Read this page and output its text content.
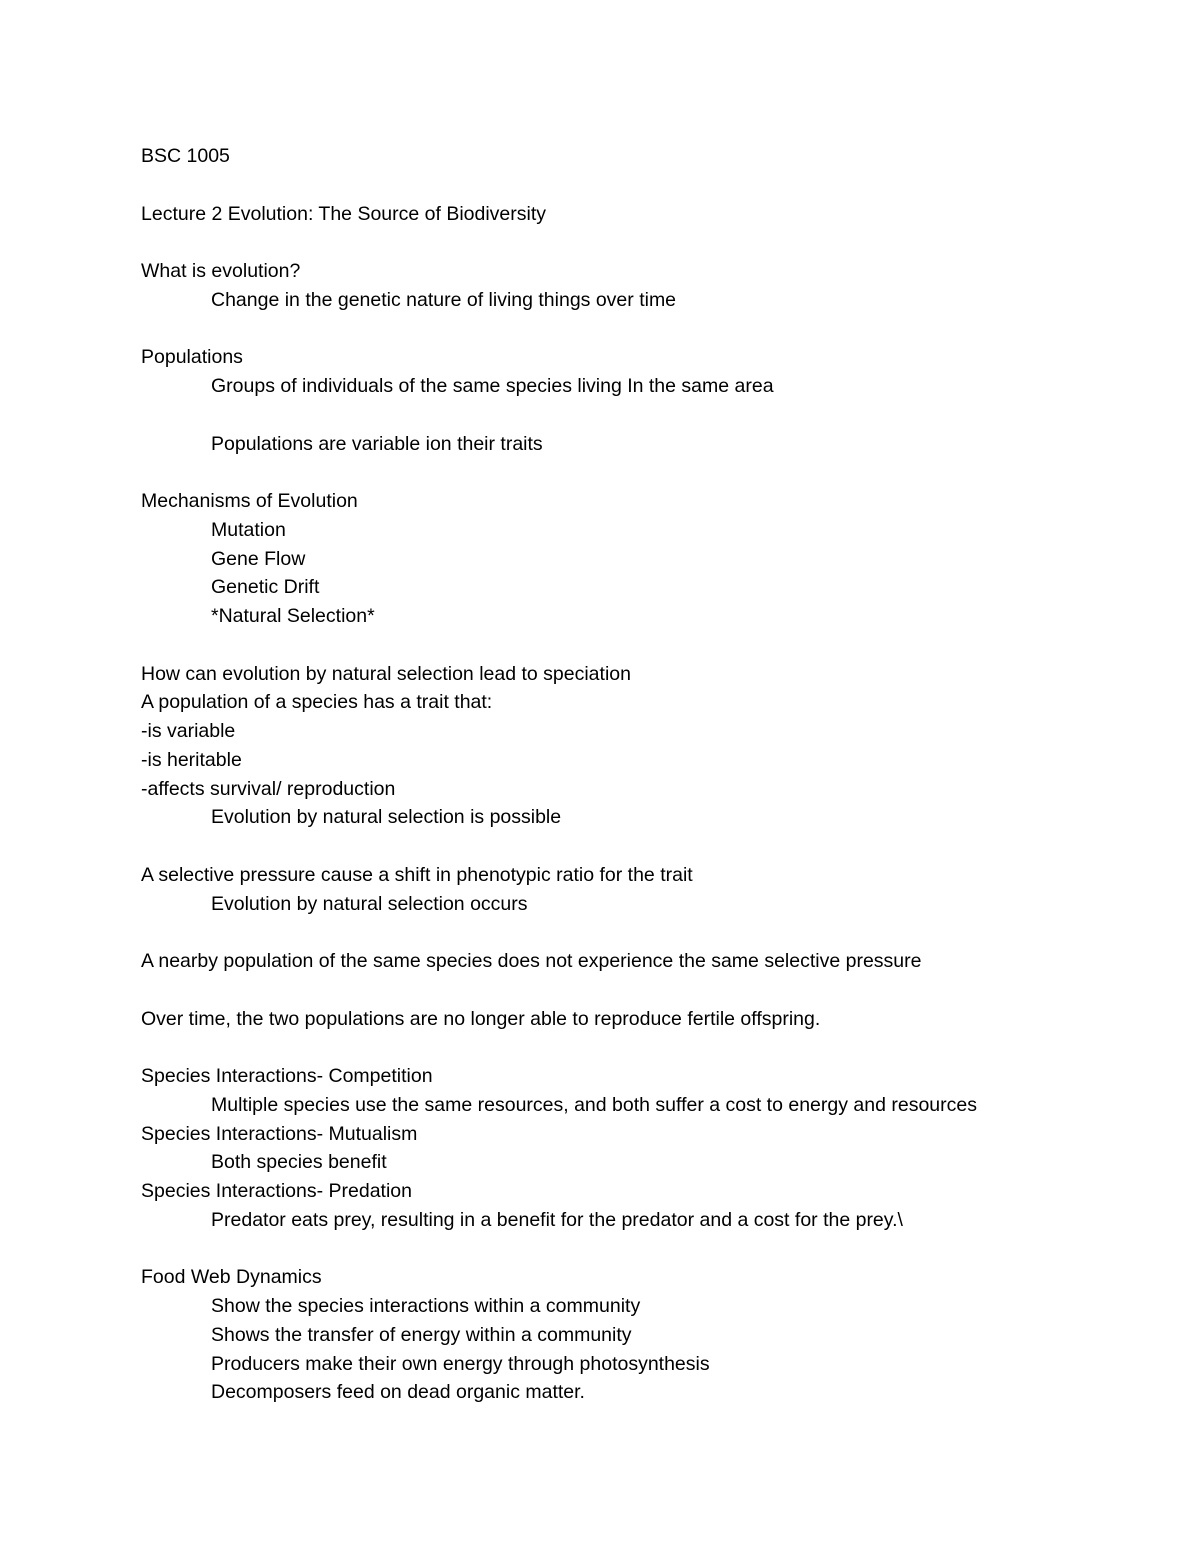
BSC 1005
Lecture 2 Evolution: The Source of Biodiversity
What is evolution?
Change in the genetic nature of living things over time
Populations
Groups of individuals of the same species living In the same area
Populations are variable ion their traits
Mechanisms of Evolution
Mutation
Gene Flow
Genetic Drift
*Natural Selection*
How can evolution by natural selection lead to speciation
A population of a species has a trait that:
-is variable
-is heritable
-affects survival/ reproduction
Evolution by natural selection is possible
A selective pressure cause a shift in phenotypic ratio for the trait
Evolution by natural selection occurs
A nearby population of the same species does not experience the same selective pressure
Over time, the two populations are no longer able to reproduce fertile offspring.
Species Interactions- Competition
Multiple species use the same resources, and both suffer a cost to energy and resources
Species Interactions- Mutualism
Both species benefit
Species Interactions- Predation
Predator eats prey, resulting in a benefit for the predator and a cost for the prey.\
Food Web Dynamics
Show the species interactions within a community
Shows the transfer of energy within a community
Producers make their own energy through photosynthesis
Decomposers feed on dead organic matter.
